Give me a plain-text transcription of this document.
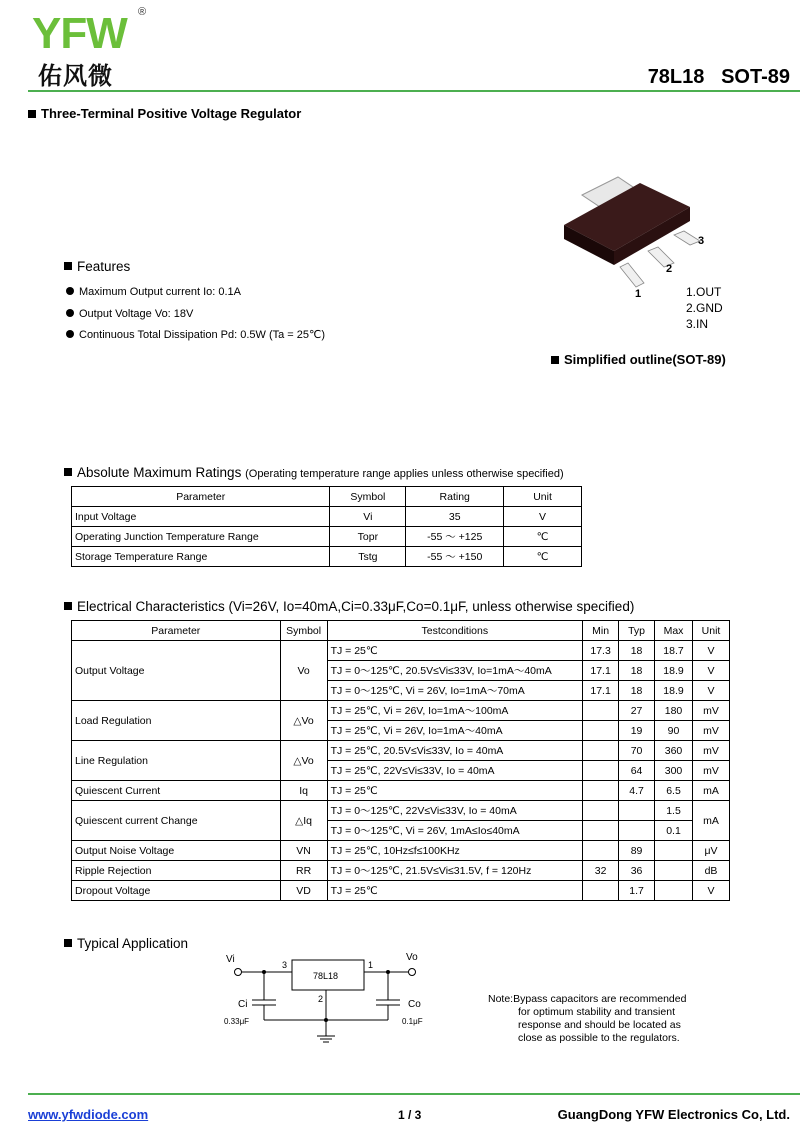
YFW ®
佑风微	78L18 SOT-89
Three-Terminal Positive Voltage Regulator
1
2
3
1.OUT
2.GND
3.IN
Simplified outline(SOT-89)
Features
Maximum Output current Io: 0.1A
Output Voltage Vo: 18V
Continuous Total Dissipation Pd: 0.5W (Ta = 25℃)
Absolute Maximum Ratings (Operating temperature range applies unless otherwise specified)
Parameter	Symbol	Rating	Unit
Input Voltage	Vi	35	V
Operating Junction Temperature Range	Topr	-55 ～ +125	℃
Storage Temperature Range	Tstg	-55 ～ +150	℃
Electrical Characteristics (Vi=26V, Io=40mA,Ci=0.33μF,Co=0.1μF, unless otherwise specified)
Parameter	Symbol	Testconditions	Min	Typ	Max	Unit
Output Voltage	Vo	TJ = 25℃	17.3	18	18.7	V
		TJ = 0～125℃, 20.5V≤Vi≤33V, Io=1mA～40mA	17.1	18	18.9	V
		TJ = 0～125℃, Vi = 26V, Io=1mA～70mA	17.1	18	18.9	V
Load Regulation	△Vo	TJ = 25℃, Vi = 26V, Io=1mA～100mA		27	180	mV
		TJ = 25℃, Vi = 26V, Io=1mA～40mA		19	90	mV
Line Regulation	△Vo	TJ = 25℃, 20.5V≤Vi≤33V, Io = 40mA		70	360	mV
		TJ = 25℃, 22V≤Vi≤33V, Io = 40mA		64	300	mV
Quiescent Current	Iq	TJ = 25℃		4.7	6.5	mA
Quiescent current Change	△Iq	TJ = 0～125℃, 22V≤Vi≤33V, Io = 40mA			1.5	mA
		TJ = 0～125℃, Vi = 26V, 1mA≤Io≤40mA			0.1	
Output Noise Voltage	VN	TJ = 25℃, 10Hz≤f≤100KHz		89		μV
Ripple Rejection	RR	TJ = 0～125℃, 21.5V≤Vi≤31.5V, f = 120Hz	32	36		dB
Dropout Voltage	VD	TJ = 25℃		1.7		V
Typical Application
Vi	Vo
78L18
3	1
2
Ci	Co
0.33μF	0.1μF
Note:Bypass capacitors are recommended
for optimum stability and transient
response and should be located as
close as possible to the regulators.
www.yfwdiode.com	1 / 3	GuangDong YFW Electronics Co, Ltd.
